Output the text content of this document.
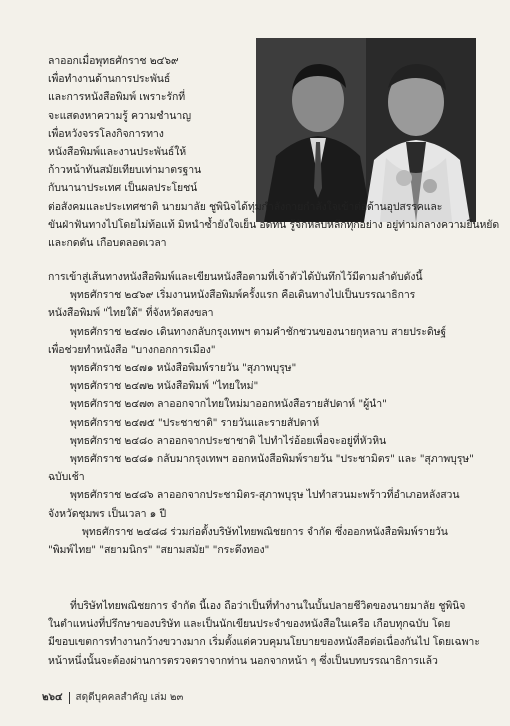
ลาออกเมื่อพุทธศักราช ๒๔๖๙
เพื่อทำงานด้านการประพันธ์
และการหนังสือพิมพ์ เพราะรักที่
จะแสดงหาความรู้ ความชำนาญ
เพื่อหวังจรรโลงกิจการทาง
หนังสือพิมพ์และงานประพันธ์ให้
ก้าวหน้าทันสมัยเทียบเท่ามาตรฐาน
กับนานาประเทศ เป็นผลประโยชน์
ต่อสังคมและประเทศชาติ นายมาลัย ชูพินิจได้ทุ่มกำลังกายกำลังใจเข้าต่อด้านอุปสรรคและ
ขันฝ่าฟันทางไปโดยไม่ท้อแท้ มิหนำซ้ำยังใจเย็น อดทน รู้จักหลบหลีกทุกอย่าง อยู่ท่ามกลางความยืนหยัด
และกดดัน เกือบตลอดเวลา
การเข้าสู่เส้นทางหนังสือพิมพ์และเขียนหนังสือตามที่เจ้าตัวได้บันทึกไว้มีตามลำดับดังนี้
พุทธศักราช ๒๔๖๙ เริ่มงานหนังสือพิมพ์ครั้งแรก คือเดินทางไปเป็นบรรณาธิการ
หนังสือพิมพ์ "ไทยใต้" ที่จังหวัดสงขลา
พุทธศักราช ๒๔๗๐ เดินทางกลับกรุงเทพฯ ตามคำชักชวนของนายกุหลาบ สายประดิษฐ์
เพื่อช่วยทำหนังสือ "บางกอกการเมือง"
พุทธศักราช ๒๔๗๑ หนังสือพิมพ์รายวัน "สุภาพบุรุษ"
พุทธศักราช ๒๔๗๒ หนังสือพิมพ์ "ไทยใหม่"
พุทธศักราช ๒๔๗๓ ลาออกจากไทยใหม่มาออกหนังสือรายสัปดาห์ "ผู้นำ"
พุทธศักราช ๒๔๗๕ "ประชาชาติ" รายวันและรายสัปดาห์
พุทธศักราช ๒๔๘๐ ลาออกจากประชาชาติ ไปทำไร่อ้อยเพื่อจะอยู่ที่หัวหิน
พุทธศักราช ๒๔๘๑ กลับมากรุงเทพฯ ออกหนังสือพิมพ์รายวัน "ประชามิตร" และ "สุภาพบุรุษ"
ฉบับเช้า
พุทธศักราช ๒๔๘๖ ลาออกจากประชามิตร-สุภาพบุรุษ ไปทำสวนมะพร้าวที่อำเภอหลังสวน
จังหวัดชุมพร เป็นเวลา ๑ ปี
พุทธศักราช ๒๔๘๘ ร่วมก่อตั้งบริษัทไทยพณิชยการ จำกัด ซึ่งออกหนังสือพิมพ์รายวัน
"พิมพ์ไทย" "สยามนิกร" "สยามสมัย" "กระดึงทอง"
ที่บริษัทไทยพณิชยการ จำกัด นี้เอง ถือว่าเป็นที่ทำงานในบั้นปลายชีวิตของนายมาลัย ชูพินิจ
ในตำแหน่งที่ปรึกษาของบริษัท และเป็นนักเขียนประจำของหนังสือในเครือ เกือบทุกฉบับ โดย
มีขอบเขตการทำงานกว้างขวางมาก เริ่มตั้งแต่ควบคุมนโยบายของหนังสือต่อเนื่องกันไป โดยเฉพาะ
หน้าหนึ่งนั้นจะต้องผ่านการตรวจตราจากท่าน นอกจากหน้า ๆ ซึ่งเป็นบทบรรณาธิการแล้ว
๒๖๔ สดุดีบุคคลสำคัญ เล่ม ๒๓
